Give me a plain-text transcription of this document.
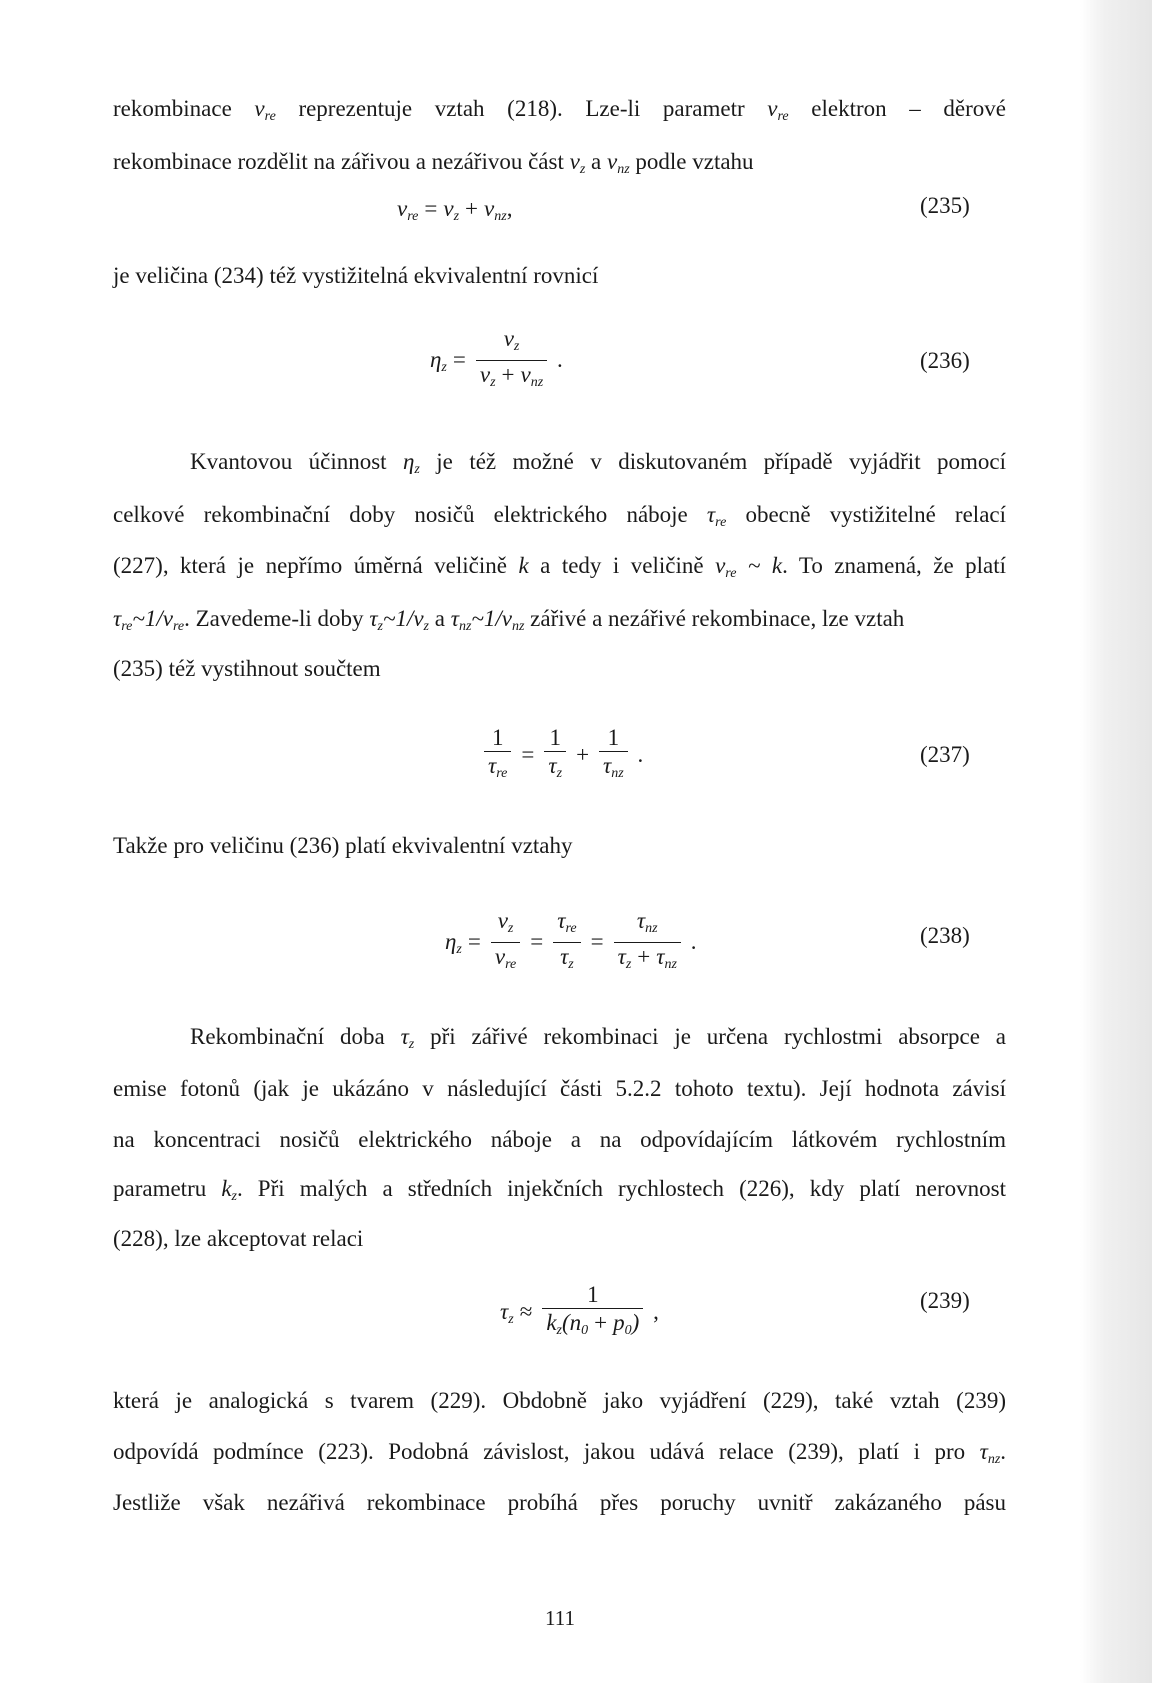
rekombinace $v_{re}$ reprezentuje vztah (218). Lze-li parametr $v_{re}$ elektron – děrové
rekombinace rozdělit na zářivou a nezářivou část $v_z$ a $v_{nz}$ podle vztahu
$v_{re} = v_z + v_{nz}$,	(235)
je veličina (234) též vystižitelná ekvivalentní rovnicí
$\eta_z = \frac{v_z}{v_z + v_{nz}}$ .	(236)
Kvantovou účinnost $\eta_z$ je též možné v diskutovaném případě vyjádřit pomocí
celkové rekombinační doby nosičů elektrického náboje $\tau_{re}$ obecně vystižitelné relací
(227), která je nepřímo úměrná veličině k a tedy i veličině $v_{re}$ ~ k. To znamená, že platí
$\tau_{re}\sim 1/v_{re}$. Zavedeme-li doby $\tau_z\sim 1/v_z$ a $\tau_{nz}\sim 1/v_{nz}$ zářivé a nezářivé rekombinace, lze vztah
(235) též vystihnout součtem
$\frac{1}{\tau_{re}} = \frac{1}{\tau_z} + \frac{1}{\tau_{nz}}$ .	(237)
Takže pro veličinu (236) platí ekvivalentní vztahy
$\eta_z = \frac{v_z}{v_{re}} = \frac{\tau_{re}}{\tau_z} = \frac{\tau_{nz}}{\tau_z + \tau_{nz}}$ .	(238)
Rekombinační doba $\tau_z$ při zářivé rekombinaci je určena rychlostmi absorpce a
emise fotonů (jak je ukázáno v následující části 5.2.2 tohoto textu). Její hodnota závisí
na koncentraci nosičů elektrického náboje a na odpovídajícím látkovém rychlostním
parametru $k_z$. Při malých a středních injekčních rychlostech (226), kdy platí nerovnost
(228), lze akceptovat relaci
$\tau_z \approx \frac{1}{k_z(n_0 + p_0)}$ ,	(239)
která je analogická s tvarem (229). Obdobně jako vyjádření (229), také vztah (239)
odpovídá podmínce (223). Podobná závislost, jakou udává relace (239), platí i pro $\tau_{nz}$.
Jestliže však nezářivá rekombinace probíhá přes poruchy uvnitř zakázaného pásu
111
